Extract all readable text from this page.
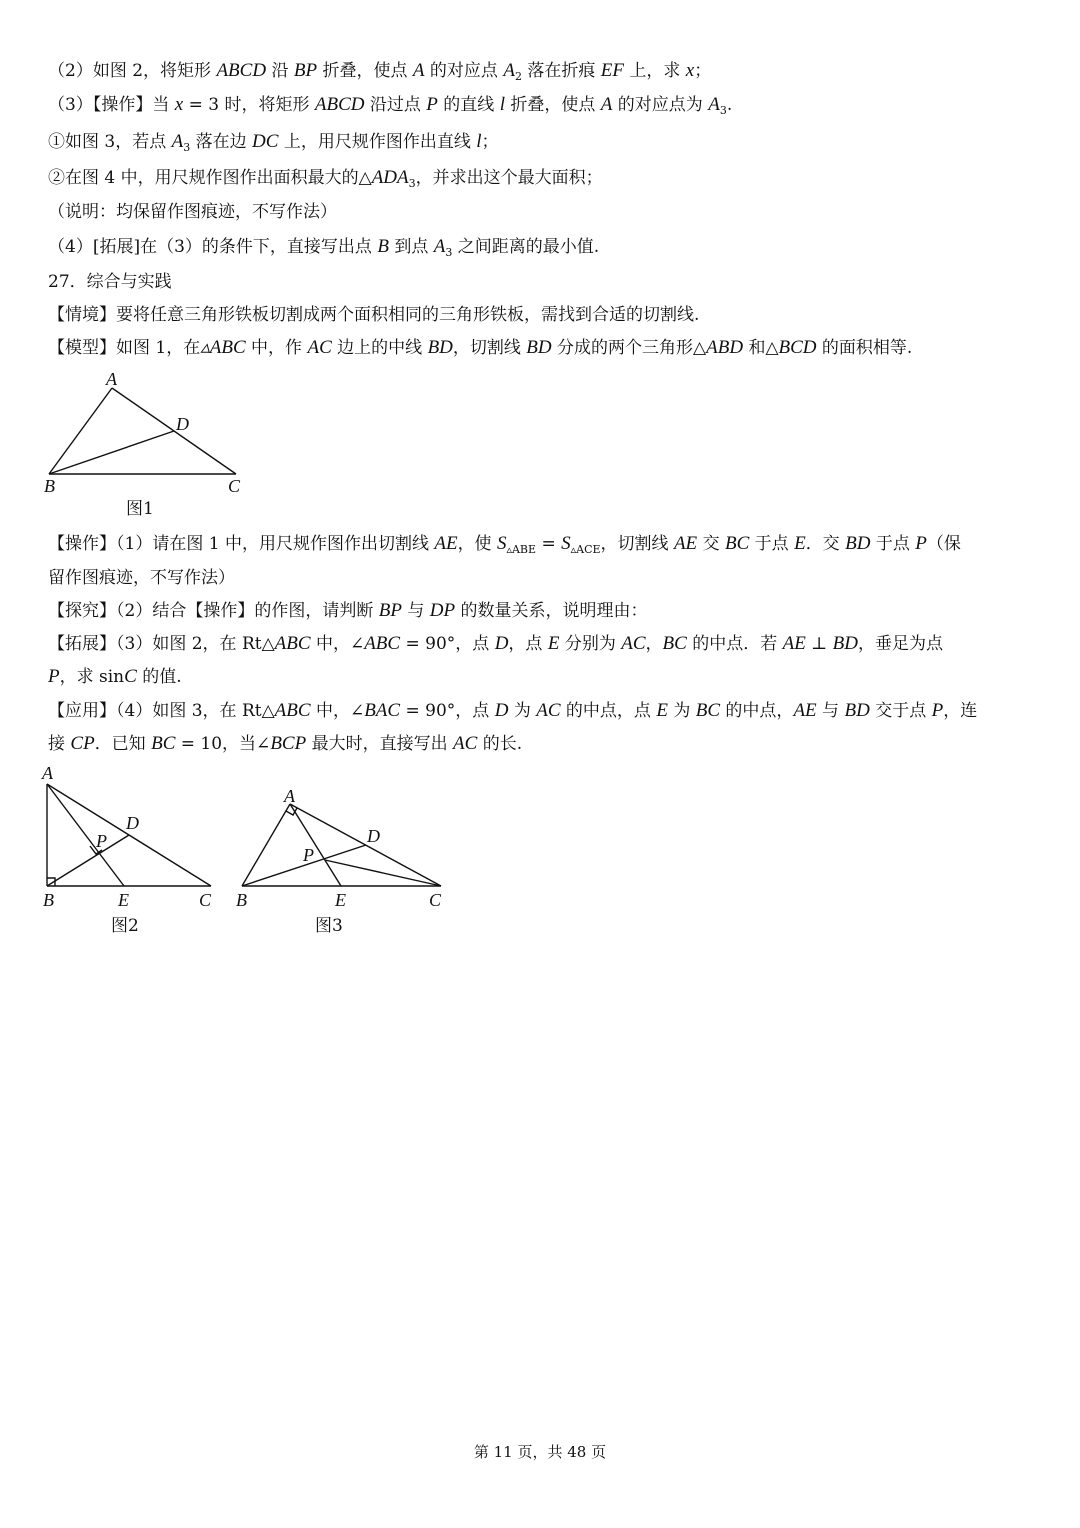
（2）如图 2，将矩形 ABCD 沿 BP 折叠，使点 A 的对应点 $A_2$ 落在折痕 EF 上，求 x；
（3）【操作】当 x = 3 时，将矩形 ABCD 沿过点 P 的直线 l 折叠，使点 A 的对应点为 $A_3$.
①如图 3，若点 $A_3$ 落在边 DC 上，用尺规作图作出直线 l；
②在图 4 中，用尺规作图作出面积最大的$\triangle ADA_3$，并求出这个最大面积；
（说明：均保留作图痕迹，不写作法）
（4）[拓展]在（3）的条件下，直接写出点 B 到点 $A_3$ 之间距离的最小值.
27．综合与实践
【情境】要将任意三角形铁板切割成两个面积相同的三角形铁板，需找到合适的切割线.
【模型】如图 1，在▵ABC 中，作 AC 边上的中线 BD，切割线 BD 分成的两个三角形△ABD 和△BCD 的面积相等.
A
D
B	C
图1
【操作】（1）请在图 1 中，用尺规作图作出切割线 AE，使 $S_{▵ABE} = S_{▵ACE}$，切割线 AE 交 BC 于点 E．交 BD 于点 P（保
留作图痕迹，不写作法）
【探究】（2）结合【操作】的作图，请判断 BP 与 DP 的数量关系，说明理由：
【拓展】（3）如图 2，在 Rt△ABC 中，∠ABC = 90°，点 D，点 E 分别为 AC，BC 的中点．若 AE ⊥ BD，垂足为点
P，求 sinC 的值.
【应用】（4）如图 3，在 Rt△ABC 中，∠BAC = 90°，点 D 为 AC 的中点，点 E 为 BC 的中点，AE 与 BD 交于点 P，连
接 CP．已知 BC = 10，当∠BCP 最大时，直接写出 AC 的长.
A
D
P
B	E	C
图2
A
D
P
B	E	C
图3
第 11 页，共 48 页
